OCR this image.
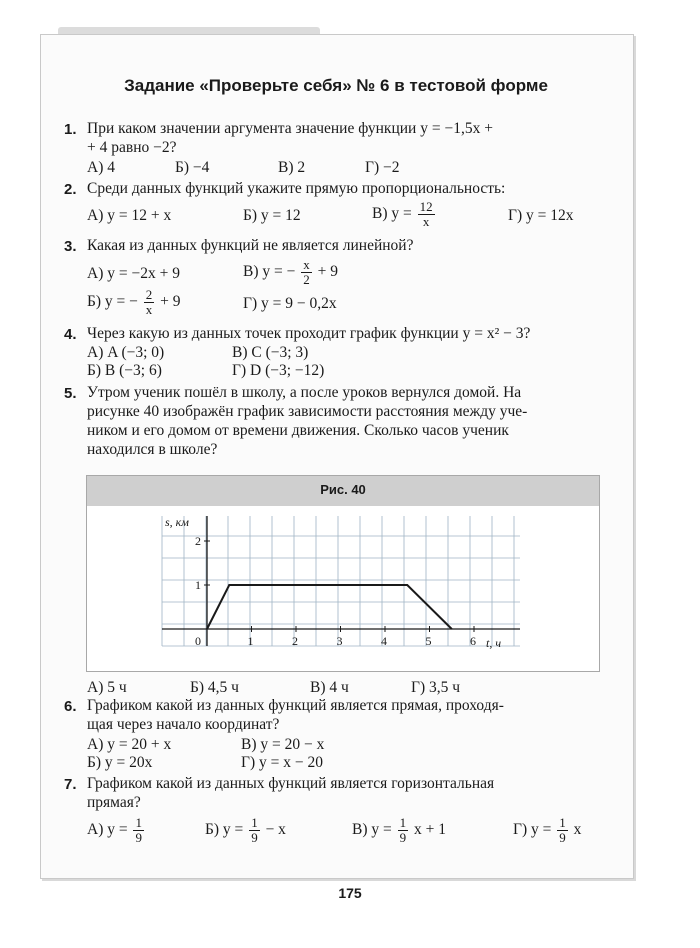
Задание «Проверьте себя» № 6 в тестовой форме
1. При каком значении аргумента значение функции y = −1,5x +
+ 4 равно −2?
А) 4	Б) −4	В) 2	Г) −2
2. Среди данных функций укажите прямую пропорциональность:
А) y = 12 + x	Б) y = 12	В) $y = \frac{12}{x}$	Г) y = 12x
3. Какая из данных функций не является линейной?
А) y = −2x + 9	В) y = − $\frac{x}{2} + 9$
Б) y = − $\frac{2}{x} + 9$	Г) y = 9 − 0,2x
4. Через какую из данных точек проходит график функции y = x² − 3?
А) A (−3; 0)	В) C (−3; 3)
Б) B (−3; 6)	Г) D (−3; −12)
5. Утром ученик пошёл в школу, а после уроков вернулся домой. На
рисунке 40 изображён график зависимости расстояния между уче-
ником и его домом от времени движения. Сколько часов ученик
находился в школе?
Рис. 40
0	1	2	3	4	5	6
1
2
s, км
t, ч
А) 5 ч	Б) 4,5 ч	В) 4 ч	Г) 3,5 ч
6. Графиком какой из данных функций является прямая, проходя-
щая через начало координат?
А) y = 20 + x	В) y = 20 − x
Б) y = 20x	Г) y = x − 20
7. Графиком какой из данных функций является горизонтальная
прямая?
А) $y = \frac{1}{9}$	Б) $y = \frac{1}{9} - x$	В) $y = \frac{1}{9}$ x + 1	Г) $y = \frac{1}{9}$ x
175
